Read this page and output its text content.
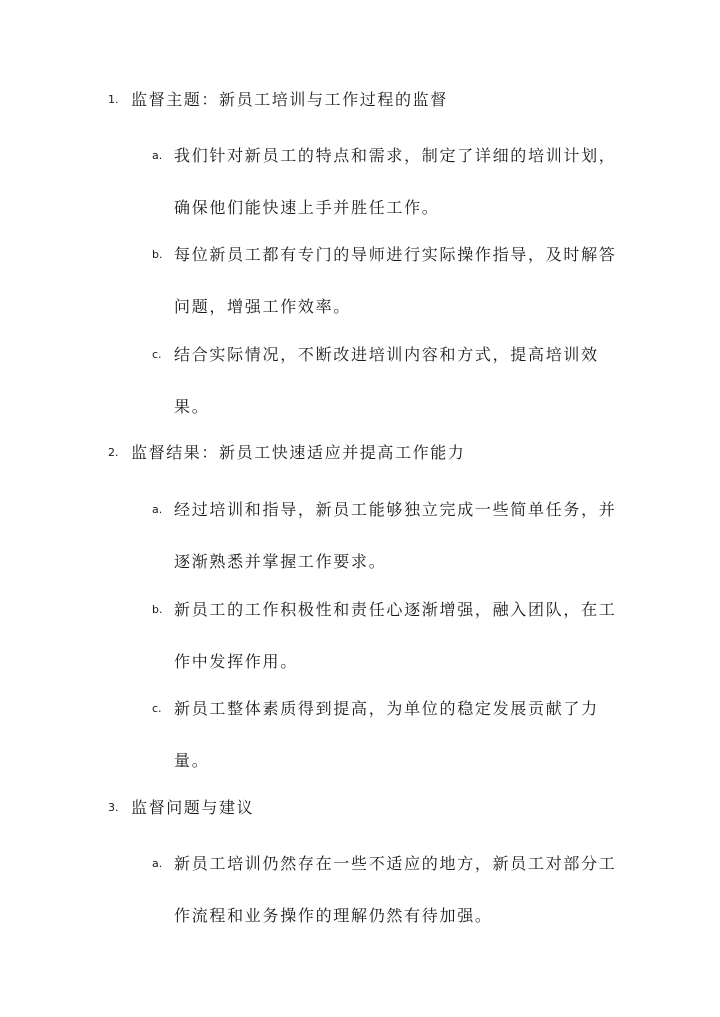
1. 监督主题：新员工培训与工作过程的监督
a. 我们针对新员工的特点和需求，制定了详细的培训计划，确保他们能快速上手并胜任工作。
b. 每位新员工都有专门的导师进行实际操作指导，及时解答问题，增强工作效率。
c. 结合实际情况，不断改进培训内容和方式，提高培训效果。
2. 监督结果：新员工快速适应并提高工作能力
a. 经过培训和指导，新员工能够独立完成一些简单任务，并逐渐熟悉并掌握工作要求。
b. 新员工的工作积极性和责任心逐渐增强，融入团队，在工作中发挥作用。
c. 新员工整体素质得到提高，为单位的稳定发展贡献了力量。
3. 监督问题与建议
a. 新员工培训仍然存在一些不适应的地方，新员工对部分工作流程和业务操作的理解仍然有待加强。
